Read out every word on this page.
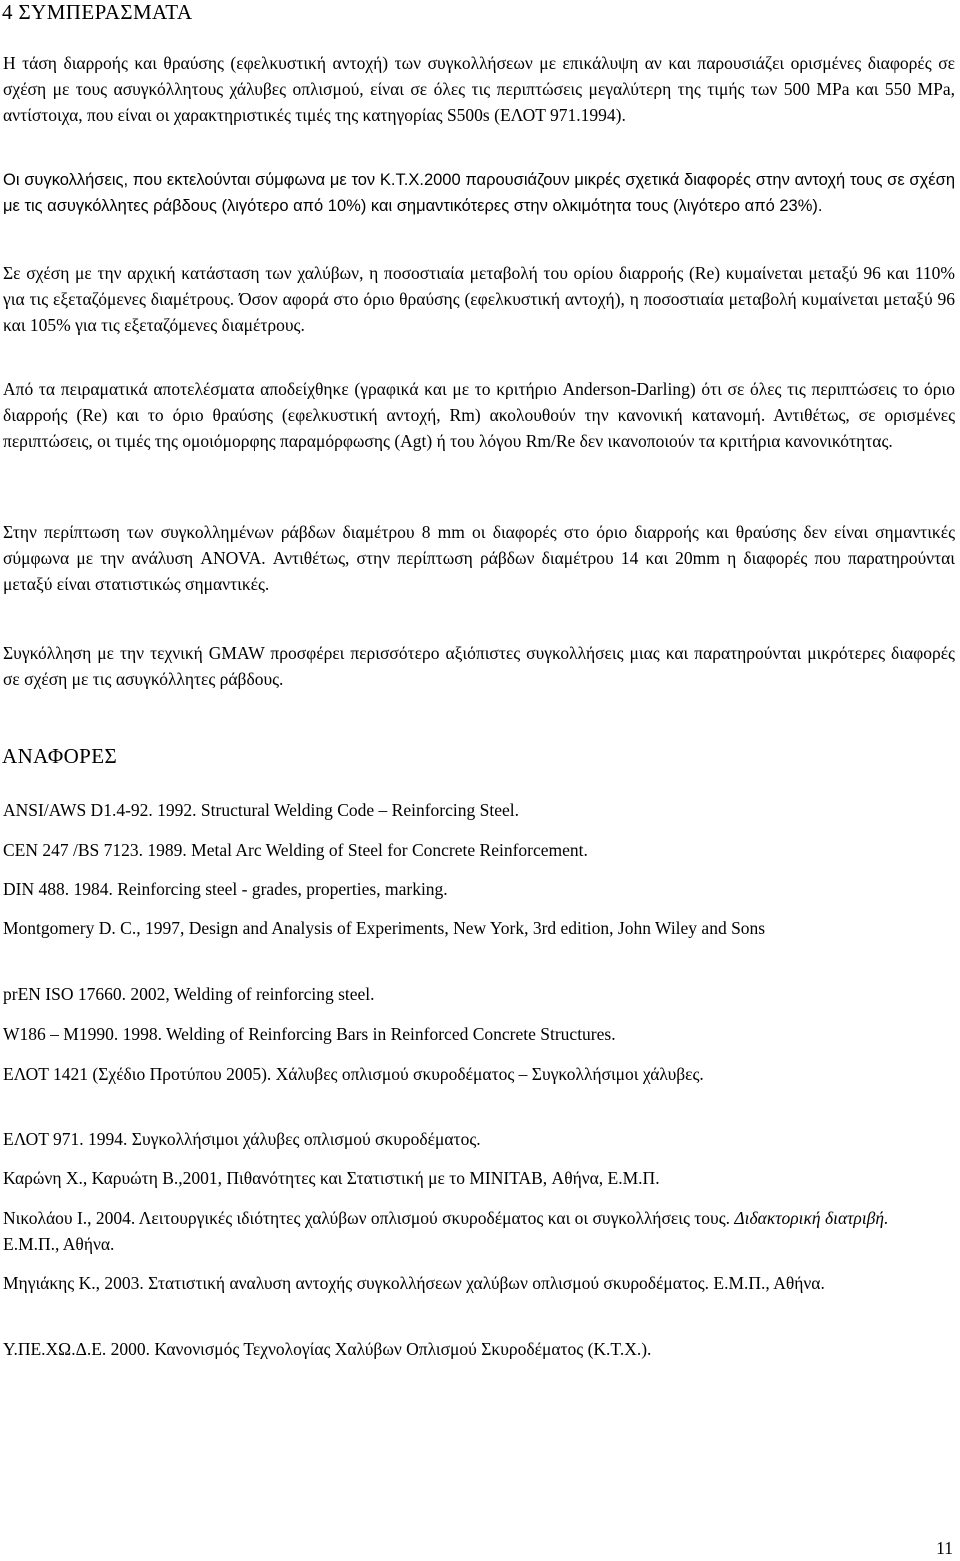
4 ΣΥΜΠΕΡΑΣΜΑΤΑ

Η τάση διαρροής και θραύσης (εφελκυστική αντοχή) των συγκολλήσεων με επικάλυψη αν και παρουσιάζει ορισμένες διαφορές σε σχέση με τους ασυγκόλλητους χάλυβες οπλισμού, είναι σε όλες τις περιπτώσεις μεγαλύτερη της τιμής των 500 MPa και 550 MPa, αντίστοιχα, που είναι οι χαρακτηριστικές τιμές της κατηγορίας S500s (ΕΛΟΤ 971.1994).

Οι συγκολλήσεις, που εκτελούνται σύμφωνα με τον Κ.Τ.Χ.2000 παρουσιάζουν μικρές σχετικά διαφορές στην αντοχή τους σε σχέση με τις ασυγκόλλητες ράβδους (λιγότερο από 10%) και σημαντικότερες στην ολκιμότητα τους (λιγότερο από 23%).

Σε σχέση με την αρχική κατάσταση των χαλύβων, η ποσοστιαία μεταβολή του ορίου διαρροής (Re) κυμαίνεται μεταξύ 96 και 110% για τις εξεταζόμενες διαμέτρους. Όσον αφορά στο όριο θραύσης (εφελκυστική αντοχή), η ποσοστιαία μεταβολή κυμαίνεται μεταξύ 96 και 105% για τις εξεταζόμενες διαμέτρους.

Από τα πειραματικά αποτελέσματα αποδείχθηκε (γραφικά και με το κριτήριο Anderson-Darling) ότι σε όλες τις περιπτώσεις το όριο διαρροής (Re) και το όριο θραύσης (εφελκυστική αντοχή, Rm) ακολουθούν την κανονική κατανομή. Αντιθέτως, σε ορισμένες περιπτώσεις, οι τιμές της ομοιόμορφης παραμόρφωσης (Agt) ή του λόγου Rm/Re δεν ικανοποιούν τα κριτήρια κανονικότητας.

Στην περίπτωση των συγκολλημένων ράβδων διαμέτρου 8 mm οι διαφορές στο όριο διαρροής και θραύσης δεν είναι σημαντικές σύμφωνα με την ανάλυση ANOVA. Αντιθέτως, στην περίπτωση ράβδων διαμέτρου 14 και 20mm η διαφορές που παρατηρούνται μεταξύ είναι στατιστικώς σημαντικές.

Συγκόλληση με την τεχνική GMAW προσφέρει περισσότερο αξιόπιστες συγκολλήσεις μιας και παρατηρούνται μικρότερες διαφορές σε σχέση με τις ασυγκόλλητες ράβδους.

ΑΝΑΦΟΡΕΣ

ANSI/AWS D1.4-92. 1992. Structural Welding Code – Reinforcing Steel.

CEN 247 /BS 7123. 1989. Metal Arc Welding of Steel for Concrete Reinforcement.

DIN 488. 1984. Reinforcing steel - grades, properties, marking.

Montgomery D. C., 1997, Design and Analysis of Experiments, New York, 3rd edition, John Wiley and Sons

prEN ISO 17660. 2002, Welding of reinforcing steel.

W186 – M1990. 1998. Welding of Reinforcing Bars in Reinforced Concrete Structures.

ΕΛΟΤ 1421 (Σχέδιο Προτύπου 2005). Χάλυβες οπλισμού σκυροδέματος – Συγκολλήσιμοι χάλυβες.

ΕΛΟΤ 971. 1994. Συγκολλήσιμοι χάλυβες οπλισμού σκυροδέματος.

Καρώνη Χ., Καρυώτη Β.,2001, Πιθανότητες και Στατιστική με το MINITAB, Αθήνα, Ε.Μ.Π.

Νικολάου Ι., 2004. Λειτουργικές ιδιότητες χαλύβων οπλισμού σκυροδέματος και οι συγκολλήσεις τους. Διδακτορική διατριβή. Ε.Μ.Π., Αθήνα.

Μηγιάκης Κ., 2003. Στατιστική αναλυση αντοχής συγκολλήσεων χαλύβων οπλισμού σκυροδέματος. Ε.Μ.Π., Αθήνα.

Υ.ΠΕ.ΧΩ.Δ.Ε. 2000. Κανονισμός Τεχνολογίας Χαλύβων Οπλισμού Σκυροδέματος (Κ.Τ.Χ.).

11
